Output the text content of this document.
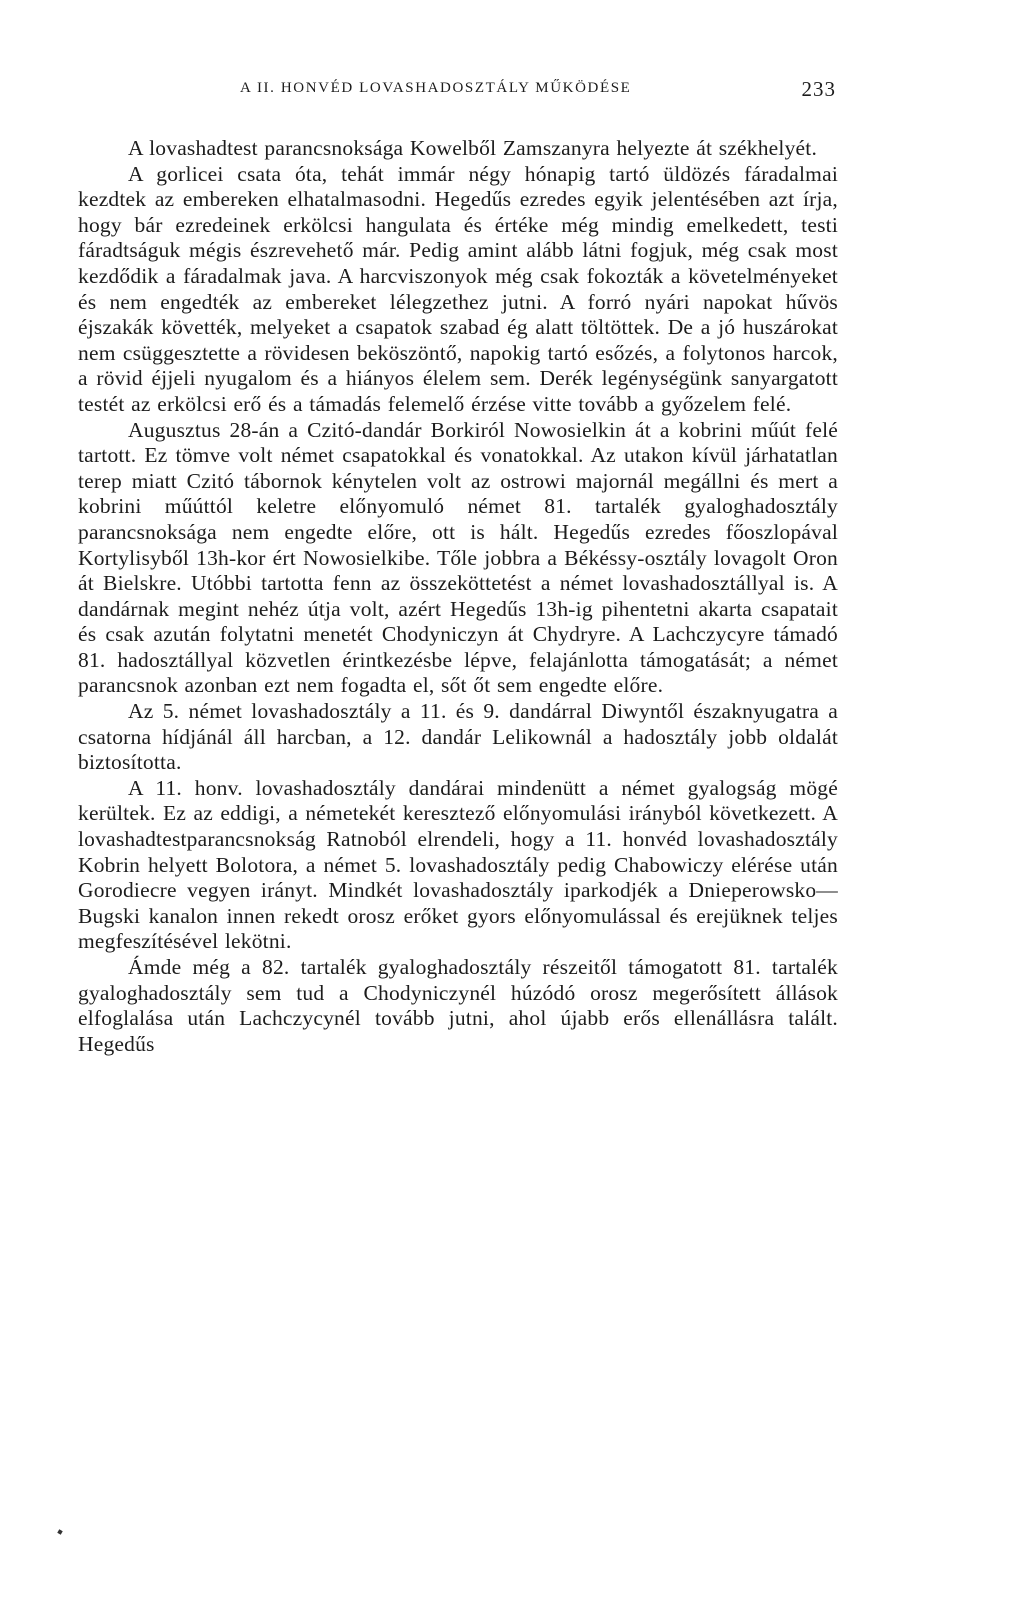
A II. HONVÉD LOVASHADOSZTÁLY MŰKÖDÉSE	233

A lovashadtest parancsnoksága Kowelből Zamszanyra helyezte át székhelyét.

A gorlicei csata óta, tehát immár négy hónapig tartó üldözés fáradalmai kezdtek az embereken elhatalmasodni. Hegedűs ezredes egyik jelentésében azt írja, hogy bár ezredeinek erkölcsi hangulata és értéke még mindig emelkedett, testi fáradtságuk mégis észrevehető már. Pedig amint alább látni fogjuk, még csak most kezdődik a fáradalmak java. A harcviszonyok még csak fokozták a követelményeket és nem engedték az embereket lélegzethez jutni. A forró nyári napokat hűvös éjszakák követték, melyeket a csapatok szabad ég alatt töltöttek. De a jó huszárokat nem csüggesztette a rövidesen beköszöntő, napokig tartó esőzés, a folytonos harcok, a rövid éjjeli nyugalom és a hiányos élelem sem. Derék legénységünk sanyargatott testét az erkölcsi erő és a támadás felemelő érzése vitte tovább a győzelem felé.

Augusztus 28-án a Czitó-dandár Borkiról Nowosielkin át a kobrini műút felé tartott. Ez tömve volt német csapatokkal és vonatokkal. Az utakon kívül járhatatlan terep miatt Czitó tábornok kénytelen volt az ostrowi majornál megállni és mert a kobrini műúttól keletre előnyomuló német 81. tartalék gyaloghadosztály parancsnoksága nem engedte előre, ott is hált. Hegedűs ezredes főoszlopával Kortylisyből 13h-kor ért Nowosielkibe. Tőle jobbra a Békéssy-osztály lovagolt Oron át Bielskre. Utóbbi tartotta fenn az összeköttetést a német lovashadosztállyal is. A dandárnak megint nehéz útja volt, azért Hegedűs 13h-ig pihentetni akarta csapatait és csak azután folytatni menetét Chodyniczyn át Chydryre. A Lachczycyre támadó 81. hadosztállyal közvetlen érintkezésbe lépve, felajánlotta támogatását; a német parancsnok azonban ezt nem fogadta el, sőt őt sem engedte előre.

Az 5. német lovashadosztály a 11. és 9. dandárral Diwyntől északnyugatra a csatorna hídjánál áll harcban, a 12. dandár Lelikownál a hadosztály jobb oldalát biztosította.

A 11. honv. lovashadosztály dandárai mindenütt a német gyalogság mögé kerültek. Ez az eddigi, a németekét keresztező előnyomulási irányból következett. A lovashadtestparancsnokság Ratnoból elrendeli, hogy a 11. honvéd lovashadosztály Kobrin helyett Bolotora, a német 5. lovashadosztály pedig Chabowiczy elérése után Gorodiecre vegyen irányt. Mindkét lovashadosztály iparkodjék a Dnieperowsko—Bugski kanalon innen rekedt orosz erőket gyors előnyomulással és erejüknek teljes megfeszítésével lekötni.

Ámde még a 82. tartalék gyaloghadosztály részeitől támogatott 81. tartalék gyaloghadosztály sem tud a Chodyniczynél húzódó orosz megerősített állások elfoglalása után Lachczycynél tovább jutni, ahol újabb erős ellenállásra talált. Hegedűs
